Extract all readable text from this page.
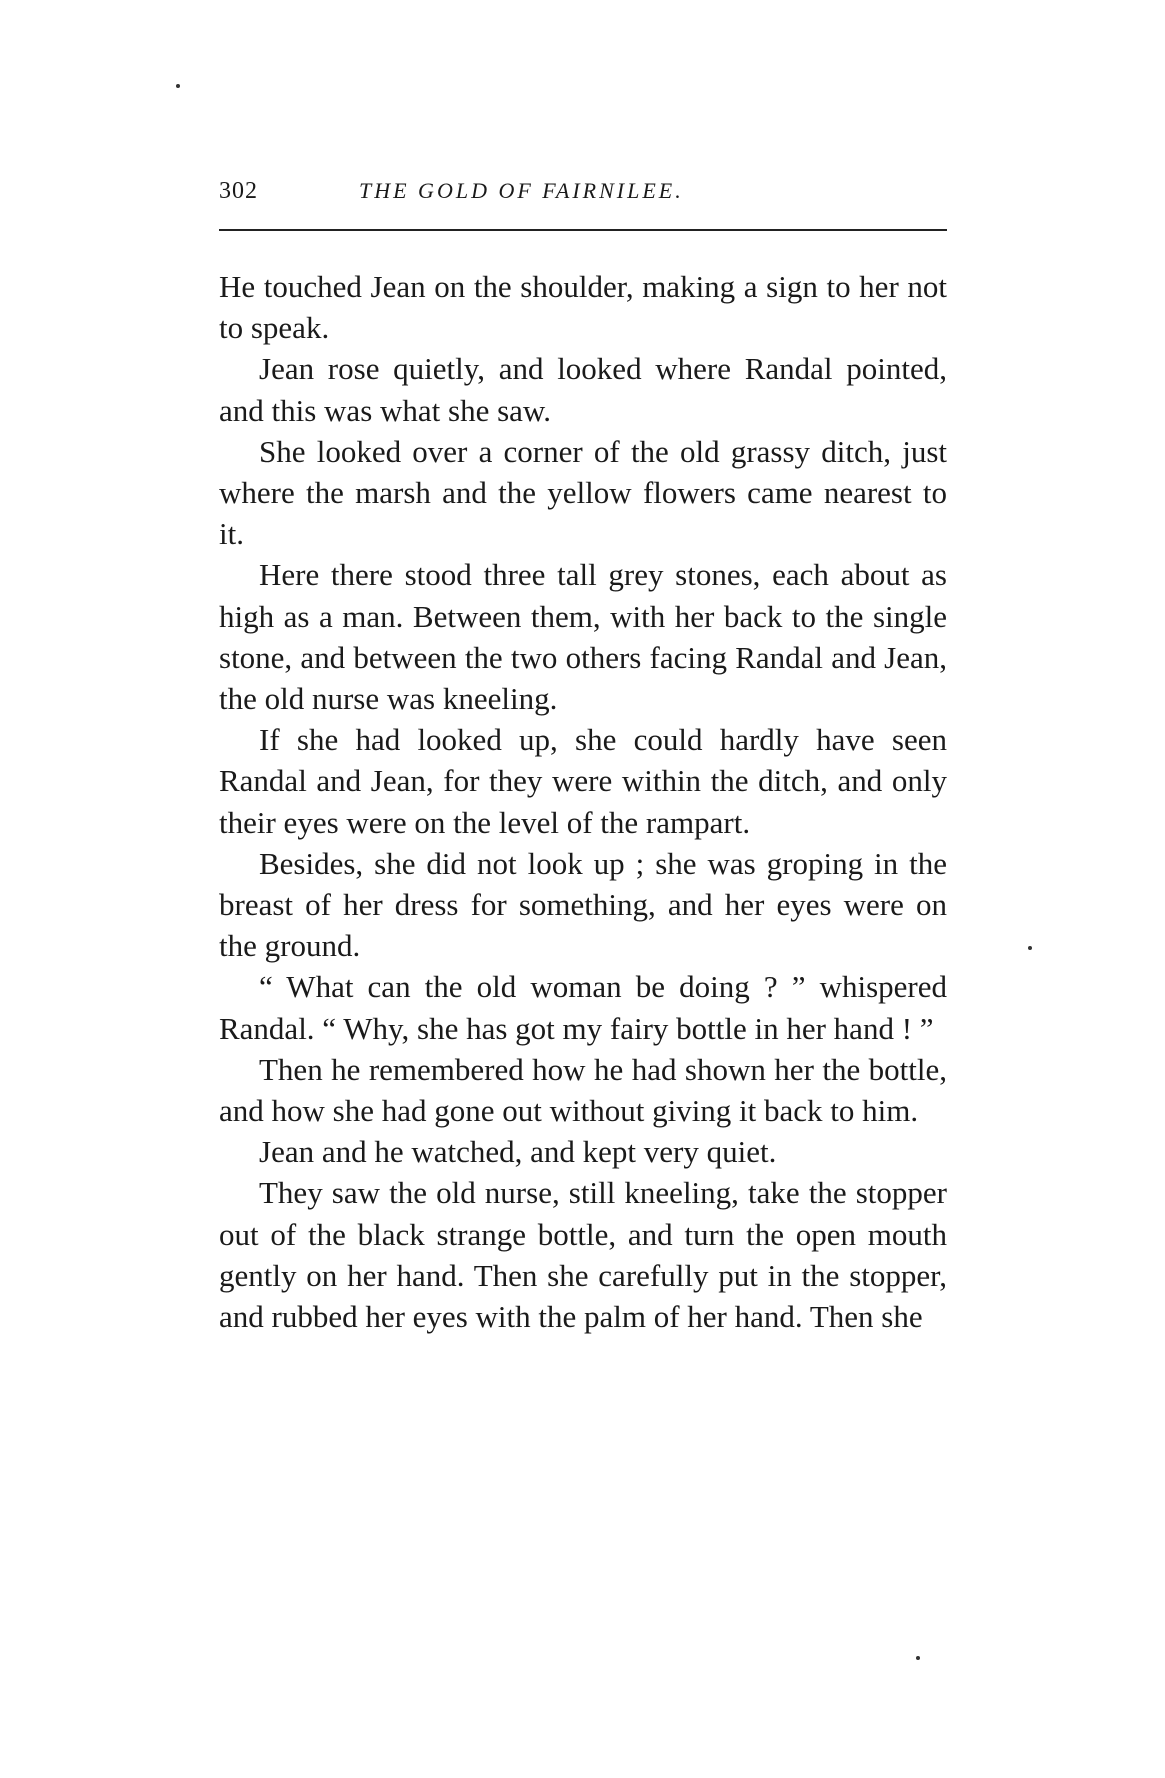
302	THE GOLD OF FAIRNILEE.

He touched Jean on the shoulder, making a sign to her not to speak.

Jean rose quietly, and looked where Randal pointed, and this was what she saw.

She looked over a corner of the old grassy ditch, just where the marsh and the yellow flowers came nearest to it.

Here there stood three tall grey stones, each about as high as a man. Between them, with her back to the single stone, and between the two others facing Randal and Jean, the old nurse was kneeling.

If she had looked up, she could hardly have seen Randal and Jean, for they were within the ditch, and only their eyes were on the level of the rampart.

Besides, she did not look up ; she was groping in the breast of her dress for something, and her eyes were on the ground.

“ What can the old woman be doing ? ” whispered Randal. “ Why, she has got my fairy bottle in her hand ! ”

Then he remembered how he had shown her the bottle, and how she had gone out without giving it back to him.

Jean and he watched, and kept very quiet.

They saw the old nurse, still kneeling, take the stopper out of the black strange bottle, and turn the open mouth gently on her hand. Then she carefully put in the stopper, and rubbed her eyes with the palm of her hand. Then she
